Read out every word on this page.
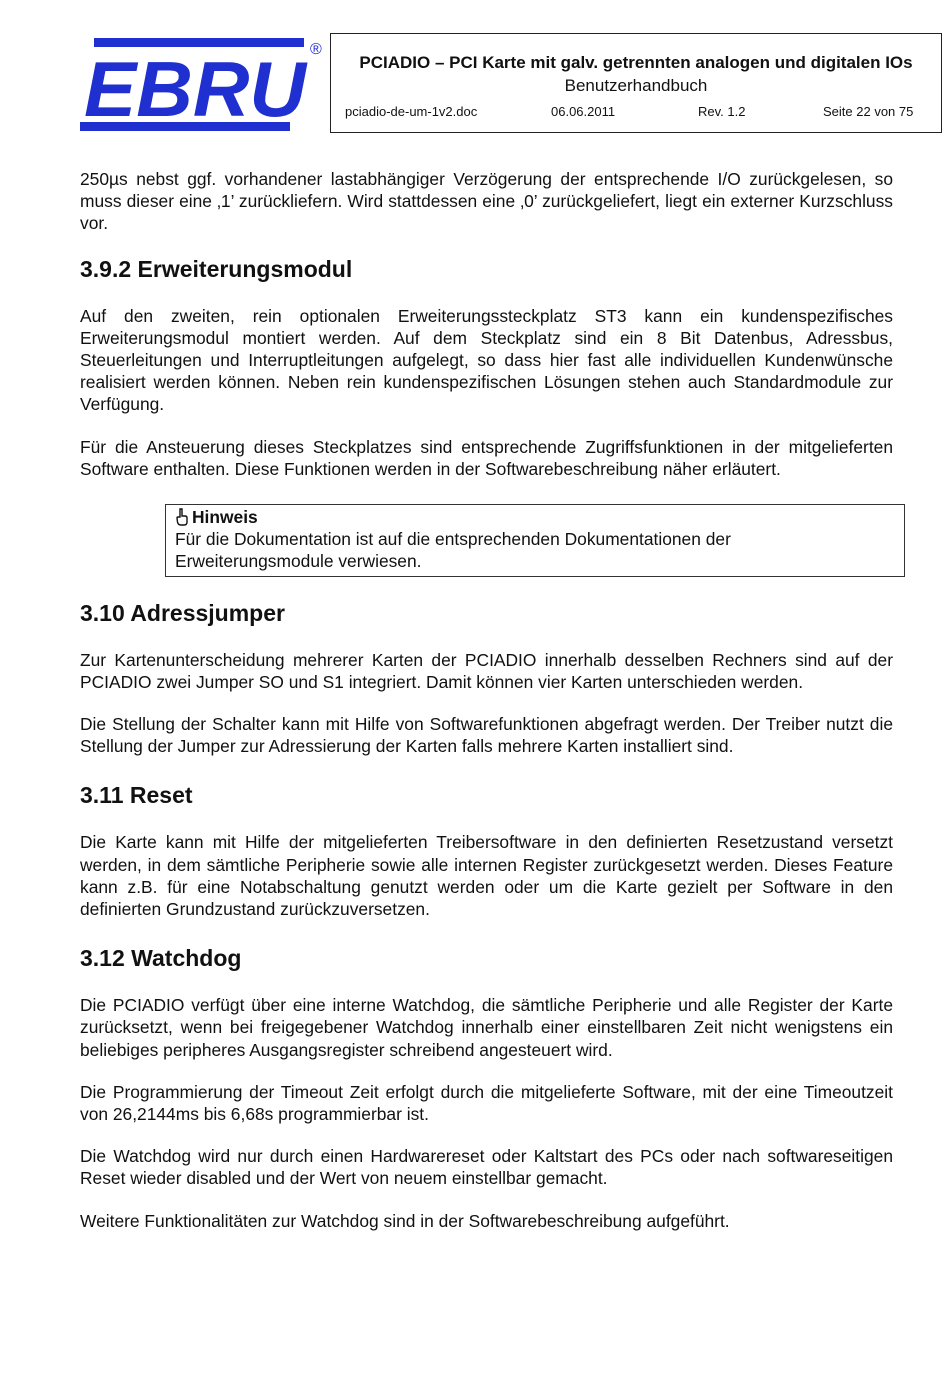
EBRU ®
PCIADIO – PCI Karte mit galv. getrennten analogen und digitalen IOs
Benutzerhandbuch
pciadio-de-um-1v2.doc	06.06.2011	Rev. 1.2	Seite 22 von 75

250µs nebst ggf. vorhandener lastabhängiger Verzögerung der entsprechende I/O zurückgelesen, so muss dieser eine ‚1’ zurückliefern. Wird stattdessen eine ‚0’ zurückgeliefert, liegt ein externer Kurzschluss vor.

3.9.2 Erweiterungsmodul

Auf den zweiten, rein optionalen Erweiterungssteckplatz ST3 kann ein kundenspezifisches Erweiterungsmodul montiert werden. Auf dem Steckplatz sind ein 8 Bit Datenbus, Adressbus, Steuerleitungen und Interruptleitungen aufgelegt, so dass hier fast alle individuellen Kundenwünsche realisiert werden können. Neben rein kundenspezifischen Lösungen stehen auch Standardmodule zur Verfügung.

Für die Ansteuerung dieses Steckplatzes sind entsprechende Zugriffsfunktionen in der mitgelieferten Software enthalten. Diese Funktionen werden in der Softwarebeschreibung näher erläutert.

Hinweis

Für die Dokumentation ist auf die entsprechenden Dokumentationen der Erweiterungsmodule verwiesen.

3.10 Adressjumper

Zur Kartenunterscheidung mehrerer Karten der PCIADIO innerhalb desselben Rechners sind auf der PCIADIO zwei Jumper SO und S1 integriert. Damit können vier Karten unterschieden werden.

Die Stellung der Schalter kann mit Hilfe von Softwarefunktionen abgefragt werden. Der Treiber nutzt die Stellung der Jumper zur Adressierung der Karten falls mehrere Karten installiert sind.

3.11 Reset

Die Karte kann mit Hilfe der mitgelieferten Treibersoftware in den definierten Resetzustand versetzt werden, in dem sämtliche Peripherie sowie alle internen Register zurückgesetzt werden. Dieses Feature kann z.B. für eine Notabschaltung genutzt werden oder um die Karte gezielt per Software in den definierten Grundzustand zurückzuversetzen.

3.12 Watchdog

Die PCIADIO verfügt über eine interne Watchdog, die sämtliche Peripherie und alle Register der Karte zurücksetzt, wenn bei freigegebener Watchdog innerhalb einer einstellbaren Zeit nicht wenigstens ein beliebiges peripheres Ausgangsregister schreibend angesteuert wird.

Die Programmierung der Timeout Zeit erfolgt durch die mitgelieferte Software, mit der eine Timeoutzeit von 26,2144ms bis 6,68s programmierbar ist.

Die Watchdog wird nur durch einen Hardwarereset oder Kaltstart des PCs oder nach softwareseitigen Reset wieder disabled und der Wert von neuem einstellbar gemacht.

Weitere Funktionalitäten zur Watchdog sind in der Softwarebeschreibung aufgeführt.
